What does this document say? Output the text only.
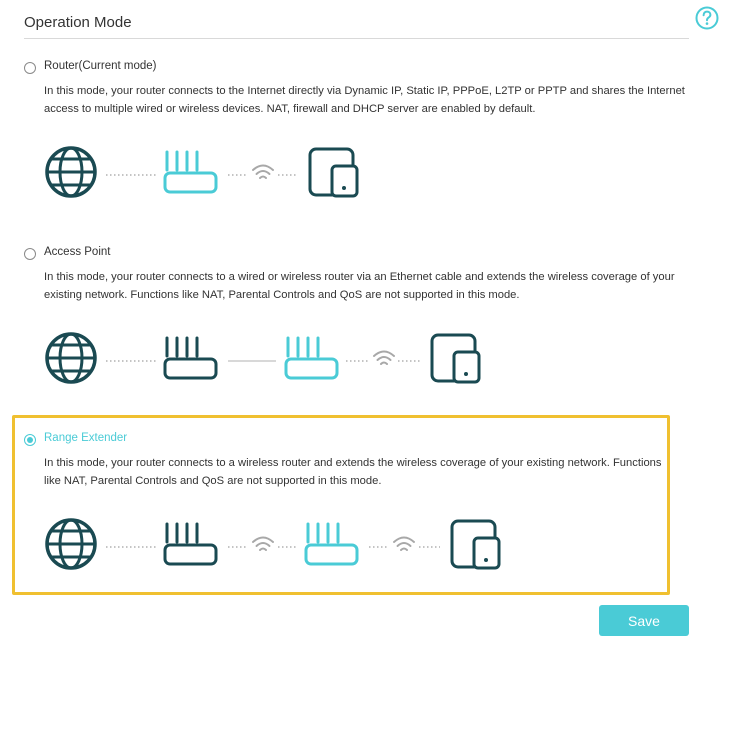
Operation Mode
Router(Current mode)
In this mode, your router connects to the Internet directly via Dynamic IP, Static IP, PPPoE, L2TP or PPTP and shares the Internet access to multiple wired or wireless devices. NAT, firewall and DHCP server are enabled by default.
Access Point
In this mode, your router connects to a wired or wireless router via an Ethernet cable and extends the wireless coverage of your existing network. Functions like NAT, Parental Controls and QoS are not supported in this mode.
Range Extender
In this mode, your router connects to a wireless router and extends the wireless coverage of your existing network. Functions like NAT, Parental Controls and QoS are not supported in this mode.
Save
